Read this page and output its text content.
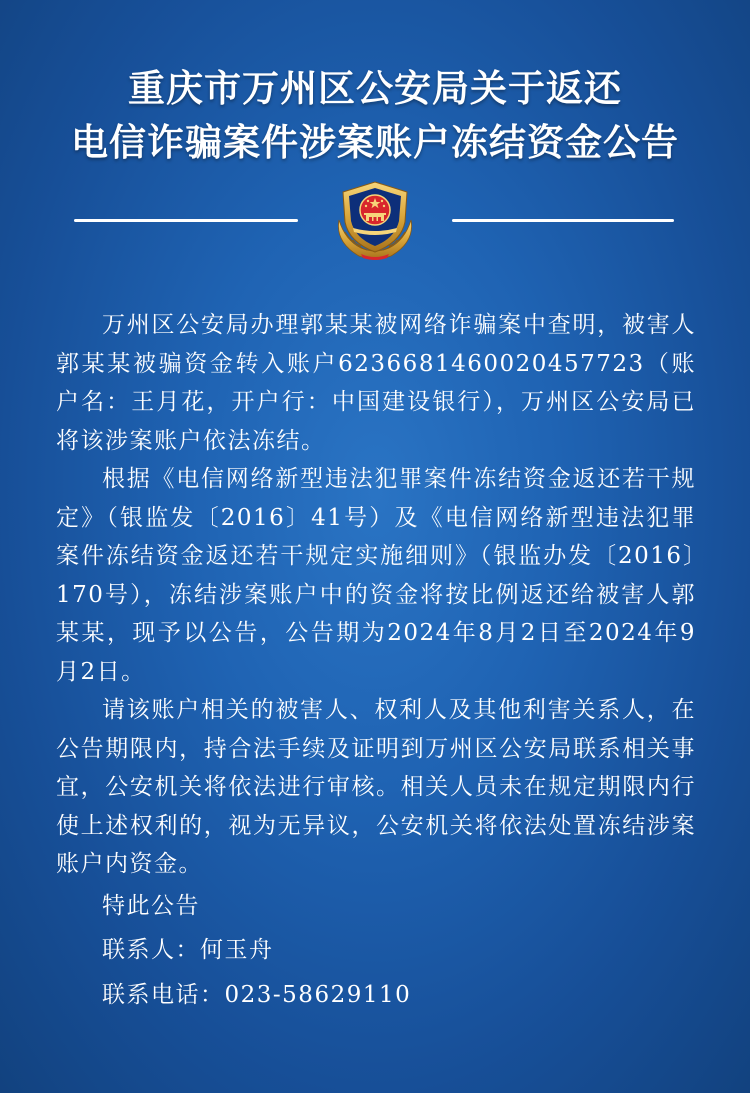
重庆市万州区公安局关于返还
电信诈骗案件涉案账户冻结资金公告

万州区公安局办理郭某某被网络诈骗案中查明，被害人郭某某被骗资金转入账户6236681460020457723（账户名：王月花，开户行：中国建设银行），万州区公安局已将该涉案账户依法冻结。

根据《电信网络新型违法犯罪案件冻结资金返还若干规定》（银监发〔2016〕41号）及《电信网络新型违法犯罪案件冻结资金返还若干规定实施细则》（银监办发〔2016〕170号），冻结涉案账户中的资金将按比例返还给被害人郭某某，现予以公告，公告期为2024年8月2日至2024年9月2日。

请该账户相关的被害人、权利人及其他利害关系人，在公告期限内，持合法手续及证明到万州区公安局联系相关事宜，公安机关将依法进行审核。相关人员未在规定期限内行使上述权利的，视为无异议，公安机关将依法处置冻结涉案账户内资金。

特此公告

联系人：何玉舟

联系电话：023-58629110
